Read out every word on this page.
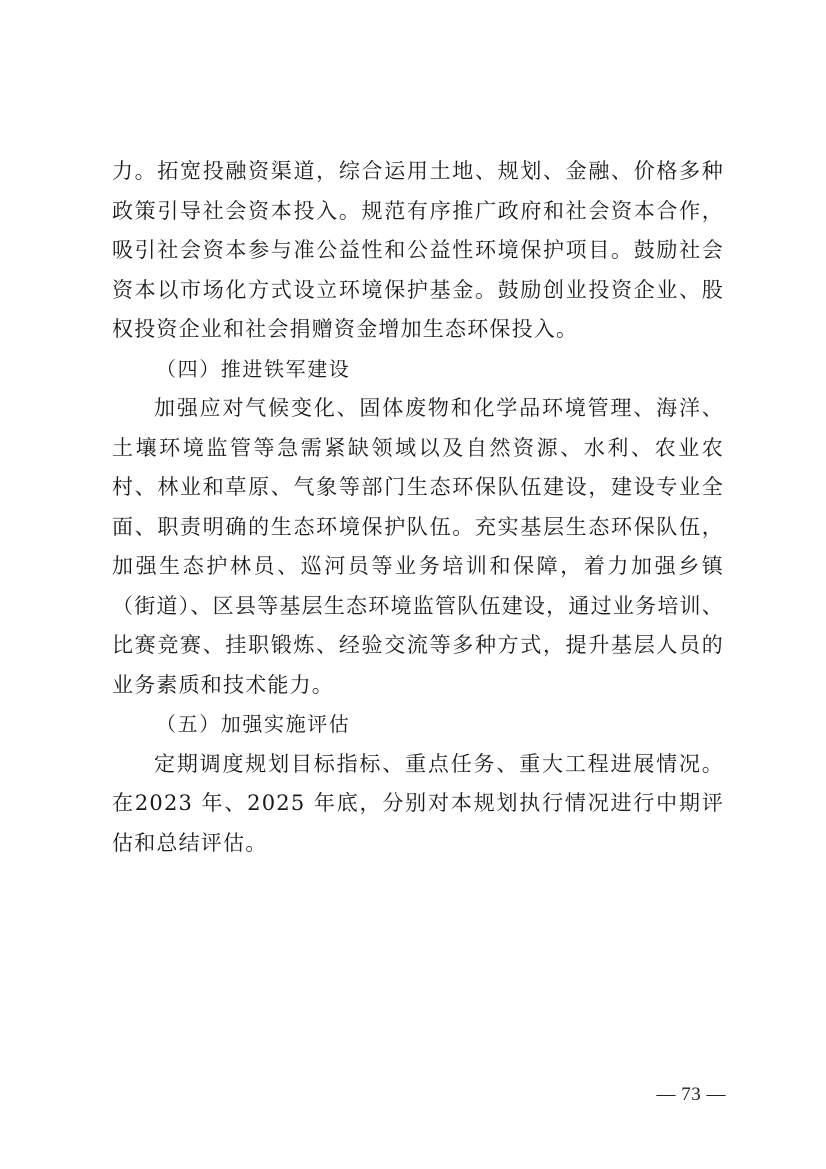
力。拓宽投融资渠道，综合运用土地、规划、金融、价格多种政策引导社会资本投入。规范有序推广政府和社会资本合作，吸引社会资本参与准公益性和公益性环境保护项目。鼓励社会资本以市场化方式设立环境保护基金。鼓励创业投资企业、股权投资企业和社会捐赠资金增加生态环保投入。

（四）推进铁军建设

加强应对气候变化、固体废物和化学品环境管理、海洋、土壤环境监管等急需紧缺领域以及自然资源、水利、农业农村、林业和草原、气象等部门生态环保队伍建设，建设专业全面、职责明确的生态环境保护队伍。充实基层生态环保队伍，加强生态护林员、巡河员等业务培训和保障，着力加强乡镇（街道）、区县等基层生态环境监管队伍建设，通过业务培训、比赛竞赛、挂职锻炼、经验交流等多种方式，提升基层人员的业务素质和技术能力。

（五）加强实施评估

定期调度规划目标指标、重点任务、重大工程进展情况。在2023 年、2025 年底，分别对本规划执行情况进行中期评估和总结评估。

— 73 —
